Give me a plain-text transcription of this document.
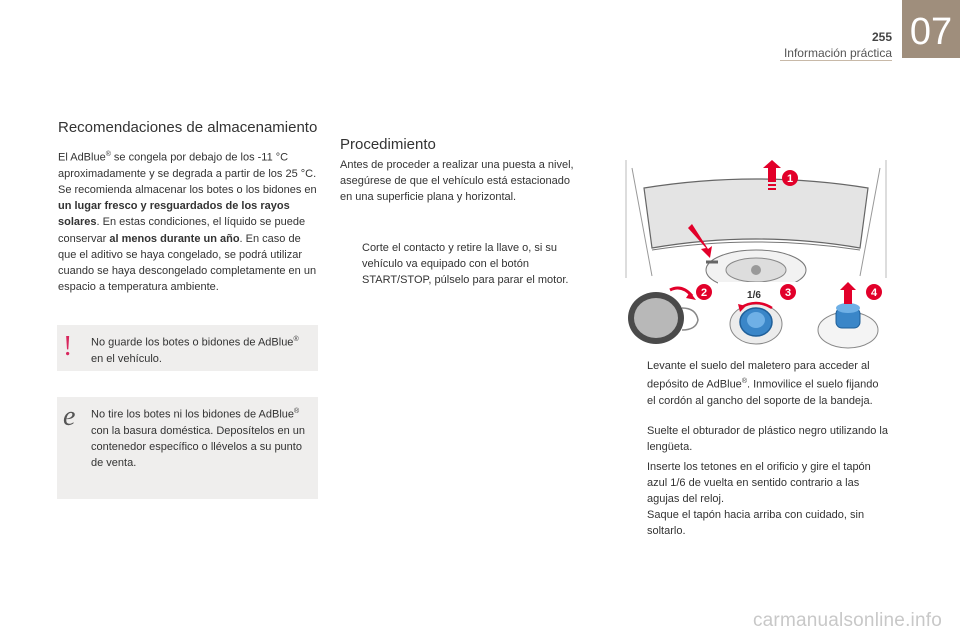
255
Información práctica 07
Recomendaciones de almacenamiento
El AdBlue® se congela por debajo de los -11 °C aproximadamente y se degrada a partir de los 25 °C. Se recomienda almacenar los botes o los bidones en un lugar fresco y resguardados de los rayos solares. En estas condiciones, el líquido se puede conservar al menos durante un año. En caso de que el aditivo se haya congelado, se podrá utilizar cuando se haya descongelado completamente en un espacio a temperatura ambiente.
! No guarde los botes o bidones de AdBlue® en el vehículo.
e No tire los botes ni los bidones de AdBlue® con la basura doméstica. Deposítelos en un contenedor específico o llévelos a su punto de venta.
Procedimiento
Antes de proceder a realizar una puesta a nivel, asegúrese de que el vehículo está estacionado en una superficie plana y horizontal.
Corte el contacto y retire la llave o, si su vehículo va equipado con el botón START/STOP, púlselo para parar el motor.
1
2	1/6 3	4
Levante el suelo del maletero para acceder al depósito de AdBlue®. Inmovilice el suelo fijando el cordón al gancho del soporte de la bandeja.
Suelte el obturador de plástico negro utilizando la lengüeta.
Inserte los tetones en el orificio y gire el tapón azul 1/6 de vuelta en sentido contrario a las agujas del reloj.
Saque el tapón hacia arriba con cuidado, sin soltarlo.
carmanualsonline.info
